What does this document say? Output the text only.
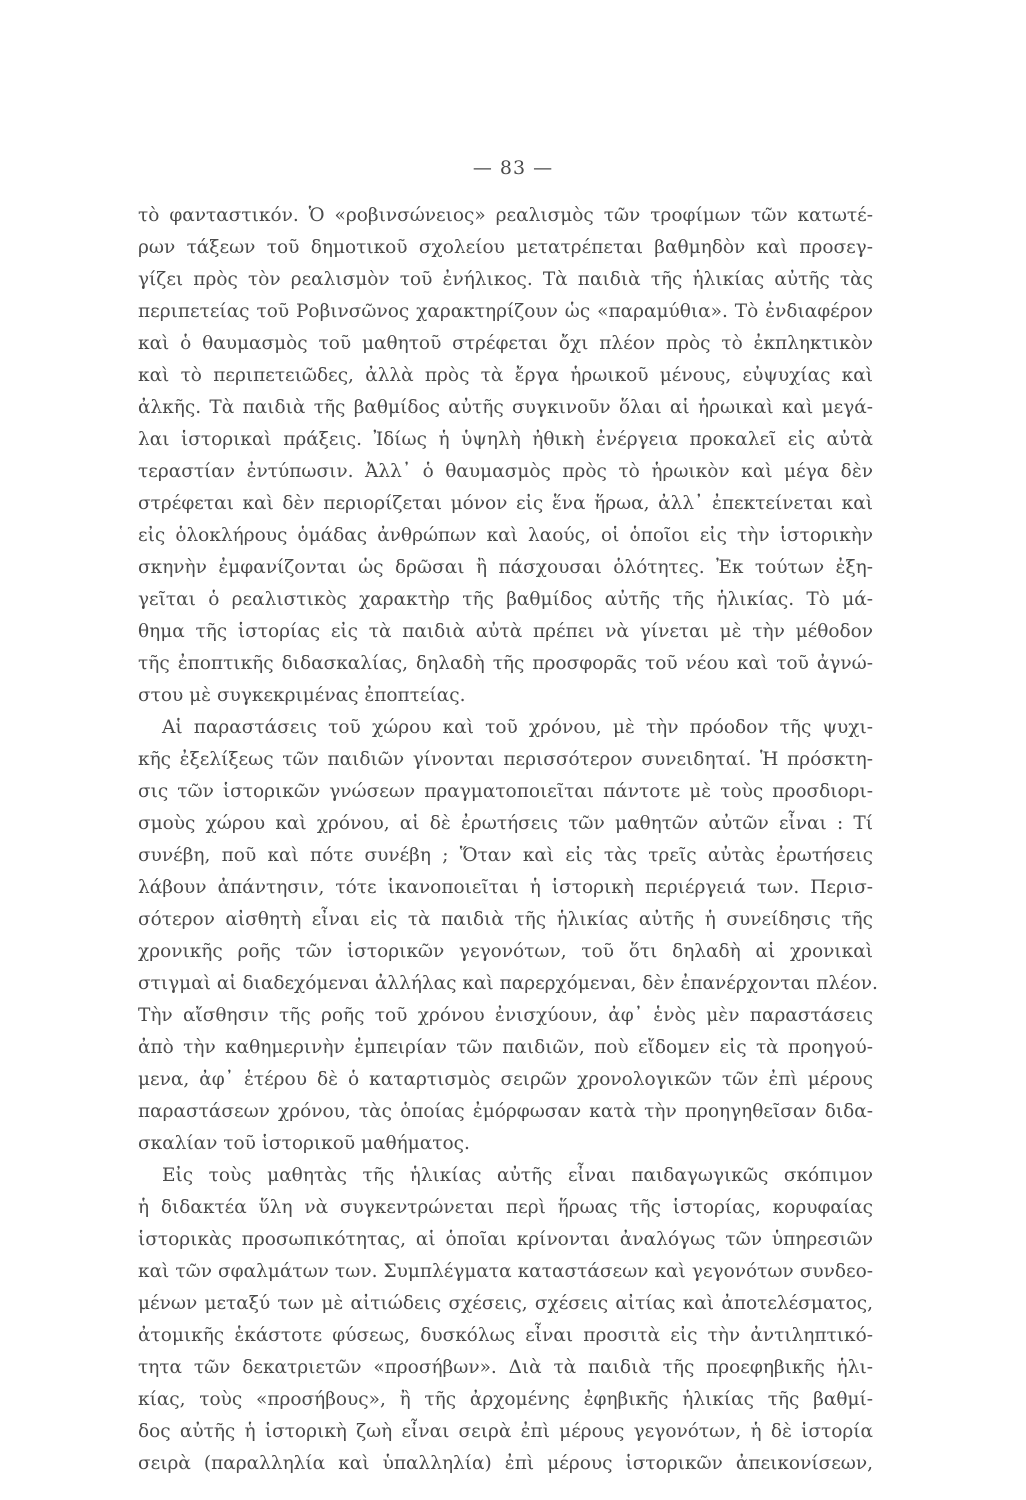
— 83 —
τὸ φανταστικόν. Ὁ «ροβινσώνειος» ρεαλισμὸς τῶν τροφίμων τῶν κατωτέ-
ρων τάξεων τοῦ δημοτικοῦ σχολείου μετατρέπεται βαθμηδὸν καὶ προσεγ-
γίζει πρὸς τὸν ρεαλισμὸν τοῦ ἐνήλικος. Τὰ παιδιὰ τῆς ἡλικίας αὐτῆς τὰς
περιπετείας τοῦ Ροβινσῶνος χαρακτηρίζουν ὡς «παραμύθια». Τὸ ἐνδιαφέρον
καὶ ὁ θαυμασμὸς τοῦ μαθητοῦ στρέφεται ὄχι πλέον πρὸς τὸ ἐκπληκτικὸν
καὶ τὸ περιπετειῶδες, ἀλλὰ πρὸς τὰ ἔργα ἡρωικοῦ μένους, εὐψυχίας καὶ
ἀλκῆς. Τὰ παιδιὰ τῆς βαθμίδος αὐτῆς συγκινοῦν ὅλαι αἱ ἡρωικαὶ καὶ μεγά-
λαι ἱστορικαὶ πράξεις. Ἰδίως ἡ ὑψηλὴ ἠθικὴ ἐνέργεια προκαλεῖ εἰς αὐτὰ
τεραστίαν ἐντύπωσιν. Ἀλλ᾽ ὁ θαυμασμὸς πρὸς τὸ ἡρωικὸν καὶ μέγα δὲν
στρέφεται καὶ δὲν περιορίζεται μόνον εἰς ἕνα ἥρωα, ἀλλ᾽ ἐπεκτείνεται καὶ
εἰς ὁλοκλήρους ὁμάδας ἀνθρώπων καὶ λαούς, οἱ ὁποῖοι εἰς τὴν ἱστορικὴν
σκηνὴν ἐμφανίζονται ὡς δρῶσαι ἢ πάσχουσαι ὁλότητες. Ἐκ τούτων ἐξη-
γεῖται ὁ ρεαλιστικὸς χαρακτὴρ τῆς βαθμίδος αὐτῆς τῆς ἡλικίας. Τὸ μά-
θημα τῆς ἱστορίας εἰς τὰ παιδιὰ αὐτὰ πρέπει νὰ γίνεται μὲ τὴν μέθοδον
τῆς ἐποπτικῆς διδασκαλίας, δηλαδὴ τῆς προσφορᾶς τοῦ νέου καὶ τοῦ ἀγνώ-
στου μὲ συγκεκριμένας ἐποπτείας.
Αἱ παραστάσεις τοῦ χώρου καὶ τοῦ χρόνου, μὲ τὴν πρόοδον τῆς ψυχι-
κῆς ἐξελίξεως τῶν παιδιῶν γίνονται περισσότερον συνειδηταί. Ἡ πρόσκτη-
σις τῶν ἱστορικῶν γνώσεων πραγματοποιεῖται πάντοτε μὲ τοὺς προσδιορι-
σμοὺς χώρου καὶ χρόνου, αἱ δὲ ἐρωτήσεις τῶν μαθητῶν αὐτῶν εἶναι : Τί
συνέβη, ποῦ καὶ πότε συνέβη ; Ὅταν καὶ εἰς τὰς τρεῖς αὐτὰς ἐρωτήσεις
λάβουν ἀπάντησιν, τότε ἱκανοποιεῖται ἡ ἱστορικὴ περιέργειά των. Περισ-
σότερον αἰσθητὴ εἶναι εἰς τὰ παιδιὰ τῆς ἡλικίας αὐτῆς ἡ συνείδησις τῆς
χρονικῆς ροῆς τῶν ἱστορικῶν γεγονότων, τοῦ ὅτι δηλαδὴ αἱ χρονικαὶ
στιγμαὶ αἱ διαδεχόμεναι ἀλλήλας καὶ παρερχόμεναι, δὲν ἐπανέρχονται πλέον.
Τὴν αἴσθησιν τῆς ροῆς τοῦ χρόνου ἐνισχύουν, ἀφ᾽ ἑνὸς μὲν παραστάσεις
ἀπὸ τὴν καθημερινὴν ἐμπειρίαν τῶν παιδιῶν, ποὺ εἴδομεν εἰς τὰ προηγού-
μενα, ἀφ᾽ ἑτέρου δὲ ὁ καταρτισμὸς σειρῶν χρονολογικῶν τῶν ἐπὶ μέρους
παραστάσεων χρόνου, τὰς ὁποίας ἐμόρφωσαν κατὰ τὴν προηγηθεῖσαν διδα-
σκαλίαν τοῦ ἱστορικοῦ μαθήματος.
Εἰς τοὺς μαθητὰς τῆς ἡλικίας αὐτῆς εἶναι παιδαγωγικῶς σκόπιμον
ἡ διδακτέα ὕλη νὰ συγκεντρώνεται περὶ ἥρωας τῆς ἱστορίας, κορυφαίας
ἱστορικὰς προσωπικότητας, αἱ ὁποῖαι κρίνονται ἀναλόγως τῶν ὑπηρεσιῶν
καὶ τῶν σφαλμάτων των. Συμπλέγματα καταστάσεων καὶ γεγονότων συνδεο-
μένων μεταξύ των μὲ αἰτιώδεις σχέσεις, σχέσεις αἰτίας καὶ ἀποτελέσματος,
ἀτομικῆς ἑκάστοτε φύσεως, δυσκόλως εἶναι προσιτὰ εἰς τὴν ἀντιληπτικό-
τητα τῶν δεκατριετῶν «προσήβων». Διὰ τὰ παιδιὰ τῆς προεφηβικῆς ἡλι-
κίας, τοὺς «προσήβους», ἢ τῆς ἀρχομένης ἐφηβικῆς ἡλικίας τῆς βαθμί-
δος αὐτῆς ἡ ἱστορικὴ ζωὴ εἶναι σειρὰ ἐπὶ μέρους γεγονότων, ἡ δὲ ἱστορία
σειρὰ (παραλληλία καὶ ὑπαλληλία) ἐπὶ μέρους ἱστορικῶν ἀπεικονίσεων,
